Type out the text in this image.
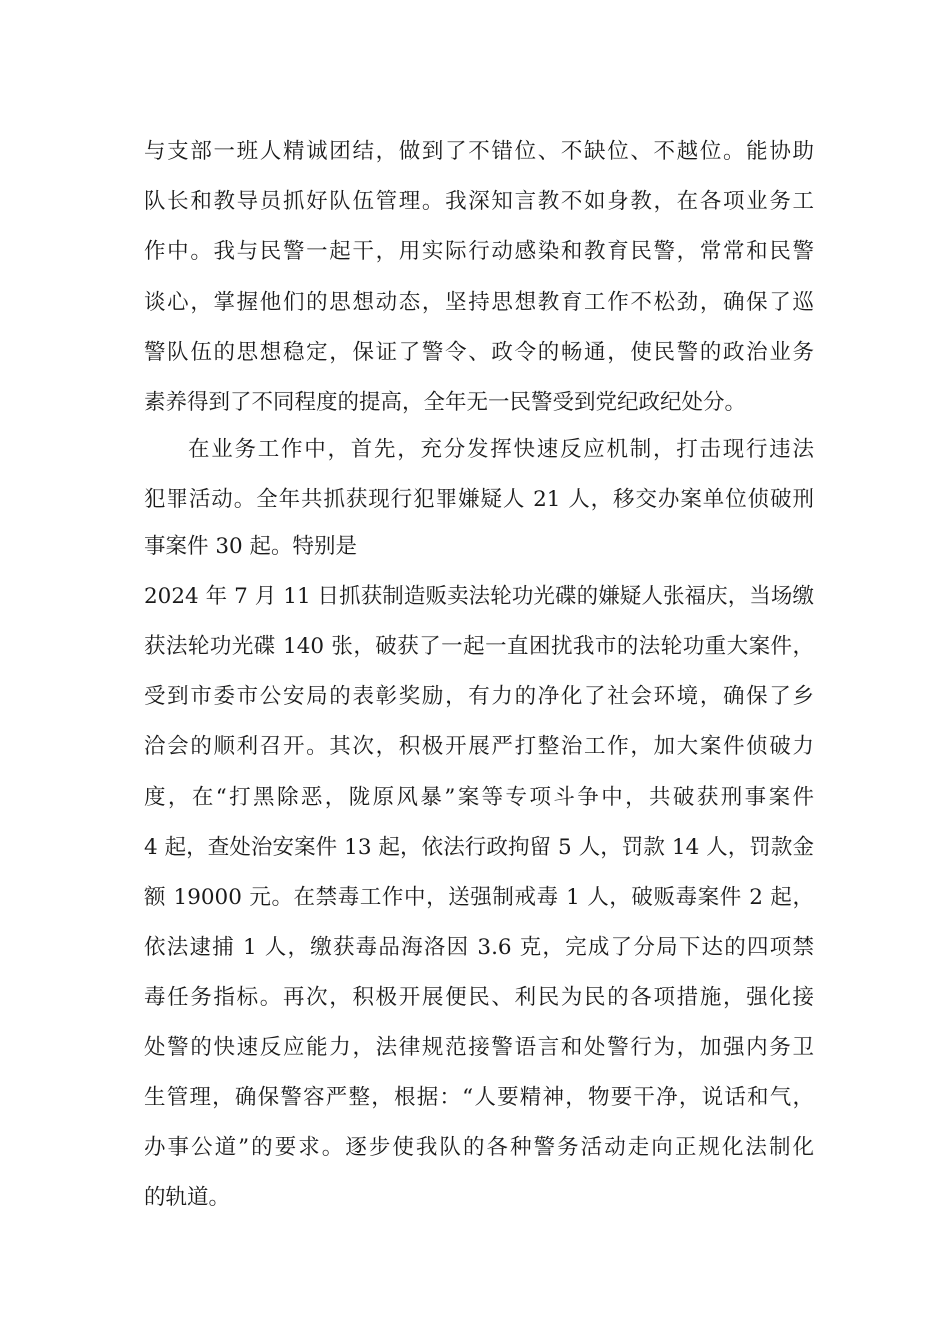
与支部一班人精诚团结，做到了不错位、不缺位、不越位。能协助
队长和教导员抓好队伍管理。我深知言教不如身教，在各项业务工
作中。我与民警一起干，用实际行动感染和教育民警，常常和民警
谈心，掌握他们的思想动态，坚持思想教育工作不松劲，确保了巡
警队伍的思想稳定，保证了警令、政令的畅通，使民警的政治业务
素养得到了不同程度的提高，全年无一民警受到党纪政纪处分。
在业务工作中，首先，充分发挥快速反应机制，打击现行违法
犯罪活动。全年共抓获现行犯罪嫌疑人 21 人，移交办案单位侦破刑
事案件 30 起。特别是
2024 年 7 月 11 日抓获制造贩卖法轮功光碟的嫌疑人张福庆，当场缴
获法轮功光碟 140 张，破获了一起一直困扰我市的法轮功重大案件，
受到市委市公安局的表彰奖励，有力的净化了社会环境，确保了乡
洽会的顺利召开。其次，积极开展严打整治工作，加大案件侦破力
度，在“打黑除恶，陇原风暴”案等专项斗争中，共破获刑事案件
4 起，查处治安案件 13 起，依法行政拘留 5 人，罚款 14 人，罚款金
额 19000 元。在禁毒工作中，送强制戒毒 1 人，破贩毒案件 2 起，
依法逮捕 1 人，缴获毒品海洛因 3.6 克，完成了分局下达的四项禁
毒任务指标。再次，积极开展便民、利民为民的各项措施，强化接
处警的快速反应能力，法律规范接警语言和处警行为，加强内务卫
生管理，确保警容严整，根据：“人要精神，物要干净，说话和气，
办事公道”的要求。逐步使我队的各种警务活动走向正规化法制化
的轨道。
